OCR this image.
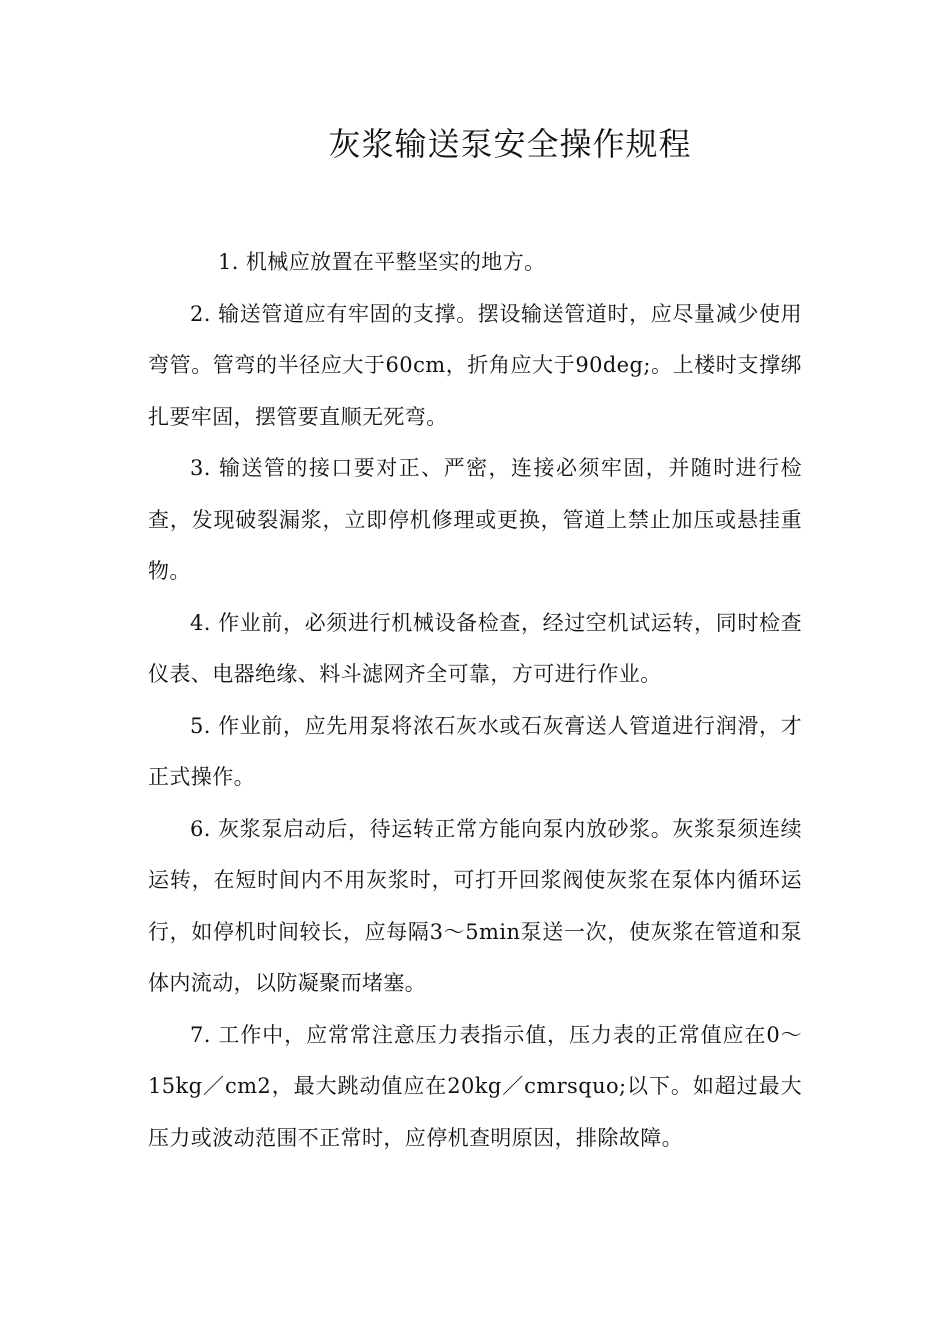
灰浆输送泵安全操作规程

1. 机械应放置在平整坚实的地方。

2. 输送管道应有牢固的支撑。摆设输送管道时，应尽量减少使用弯管。管弯的半径应大于60cm，折角应大于90deg;。上楼时支撑绑扎要牢固，摆管要直顺无死弯。

3. 输送管的接口要对正、严密，连接必须牢固，并随时进行检查，发现破裂漏浆，立即停机修理或更换，管道上禁止加压或悬挂重物。

4. 作业前，必须进行机械设备检查，经过空机试运转，同时检查仪表、电器绝缘、料斗滤网齐全可靠，方可进行作业。

5. 作业前，应先用泵将浓石灰水或石灰膏送人管道进行润滑，才正式操作。

6. 灰浆泵启动后，待运转正常方能向泵内放砂浆。灰浆泵须连续运转，在短时间内不用灰浆时，可打开回浆阀使灰浆在泵体内循环运行，如停机时间较长，应每隔3～5min泵送一次，使灰浆在管道和泵体内流动，以防凝聚而堵塞。

7. 工作中，应常常注意压力表指示值，压力表的正常值应在0～15kg／cm2，最大跳动值应在20kg／cmrsquo;以下。如超过最大压力或波动范围不正常时，应停机查明原因，排除故障。
